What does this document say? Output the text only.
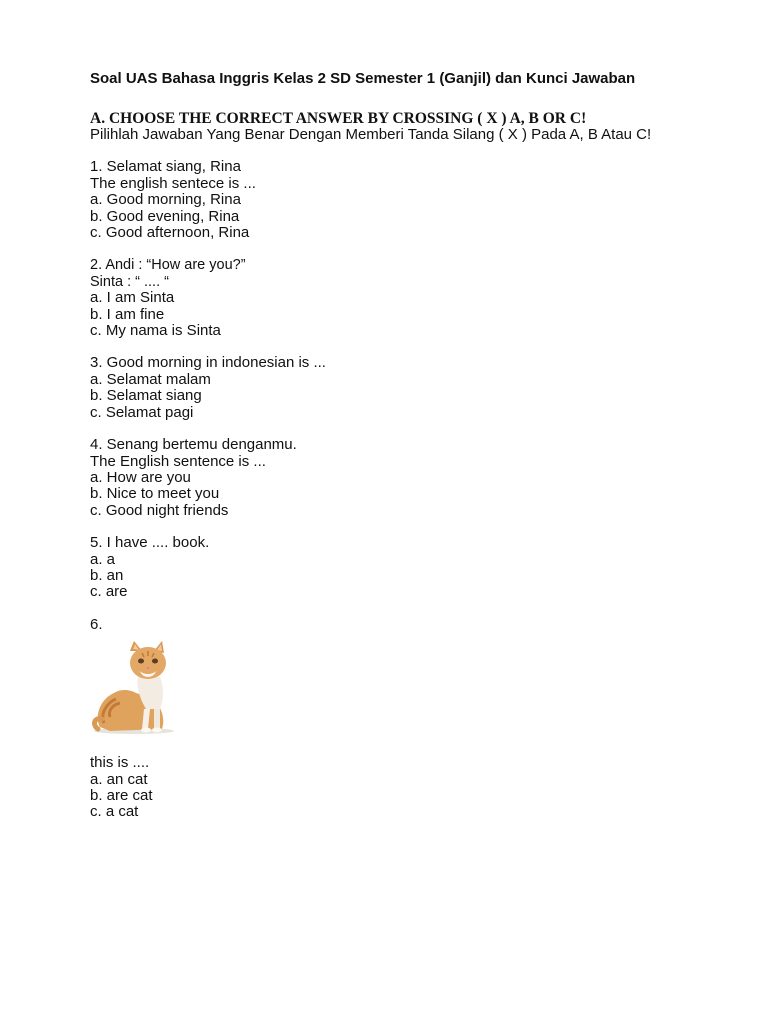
Soal UAS Bahasa Inggris Kelas 2 SD Semester 1 (Ganjil) dan Kunci Jawaban
A. CHOOSE THE CORRECT ANSWER BY CROSSING ( X ) A, B OR C!
Pilihlah Jawaban Yang Benar Dengan Memberi Tanda Silang ( X ) Pada A, B Atau C!
1. Selamat siang, Rina
The english sentece is ...
a. Good morning, Rina
b. Good evening, Rina
c. Good afternoon, Rina
2. Andi : “How are you?”
Sinta : “ .... “
a. I am Sinta
b. I am fine
c. My nama is Sinta
3. Good morning in indonesian is ...
a. Selamat malam
b. Selamat siang
c. Selamat pagi
4. Senang bertemu denganmu.
The English sentence is ...
a. How are you
b. Nice to meet you
c. Good night friends
5. I have .... book.
a. a
b. an
c. are
6.
this is ....
a. an cat
b. are cat
c. a cat
